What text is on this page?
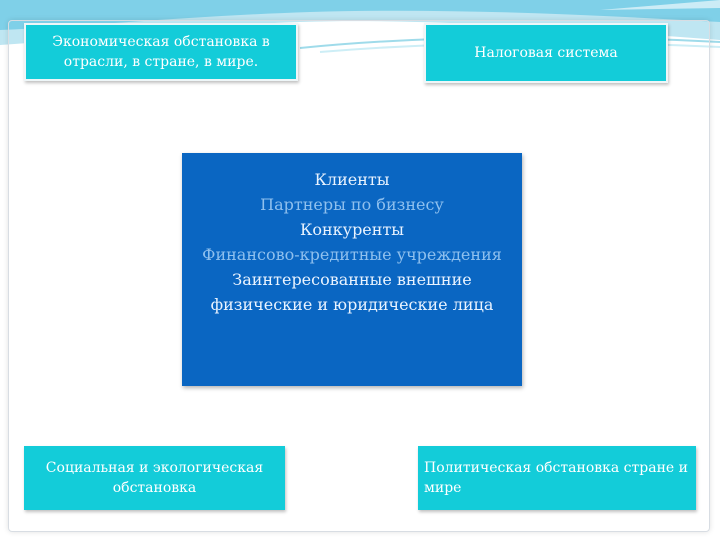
Экономическая обстановка в отрасли, в стране, в мире.
Налоговая система
Клиенты
Партнеры по бизнесу
Конкуренты
Финансово-кредитные учреждения
Заинтересованные внешние
физические и юридические лица
Социальная и экологическая обстановка
Политическая обстановка стране и мире
